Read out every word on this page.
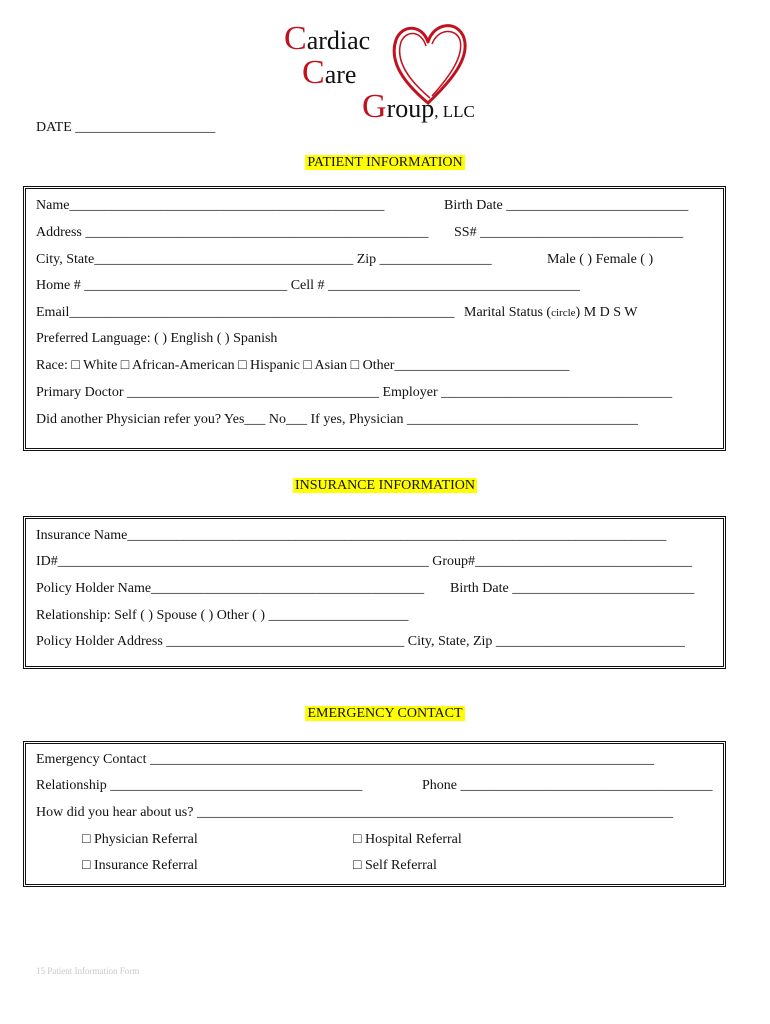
Cardiac
Care
Group, LLC
DATE ____________________
PATIENT INFORMATION
Name_____________________________________________	Birth Date __________________________
Address _________________________________________________ SS# _____________________________
City, State_____________________________________ Zip ________________	Male ( ) Female ( )
Home # _____________________________ Cell # ____________________________________
Email_______________________________________________________ Marital Status (circle) M D S W
Preferred Language: ( ) English ( ) Spanish
Race: □ White □ African-American □ Hispanic □ Asian □ Other_________________________
Primary Doctor ____________________________________ Employer _________________________________
Did another Physician refer you? Yes___ No___ If yes, Physician _________________________________
INSURANCE INFORMATION
Insurance Name_____________________________________________________________________________
ID#_____________________________________________________ Group#_______________________________
Policy Holder Name_______________________________________ Birth Date __________________________
Relationship: Self ( ) Spouse ( ) Other ( ) ____________________
Policy Holder Address __________________________________ City, State, Zip ___________________________
EMERGENCY CONTACT
Emergency Contact ________________________________________________________________________
Relationship ____________________________________	Phone ____________________________________
How did you hear about us? ____________________________________________________________________
□ Physician Referral	□ Hospital Referral
□ Insurance Referral	□ Self Referral
15 Patient Information Form
